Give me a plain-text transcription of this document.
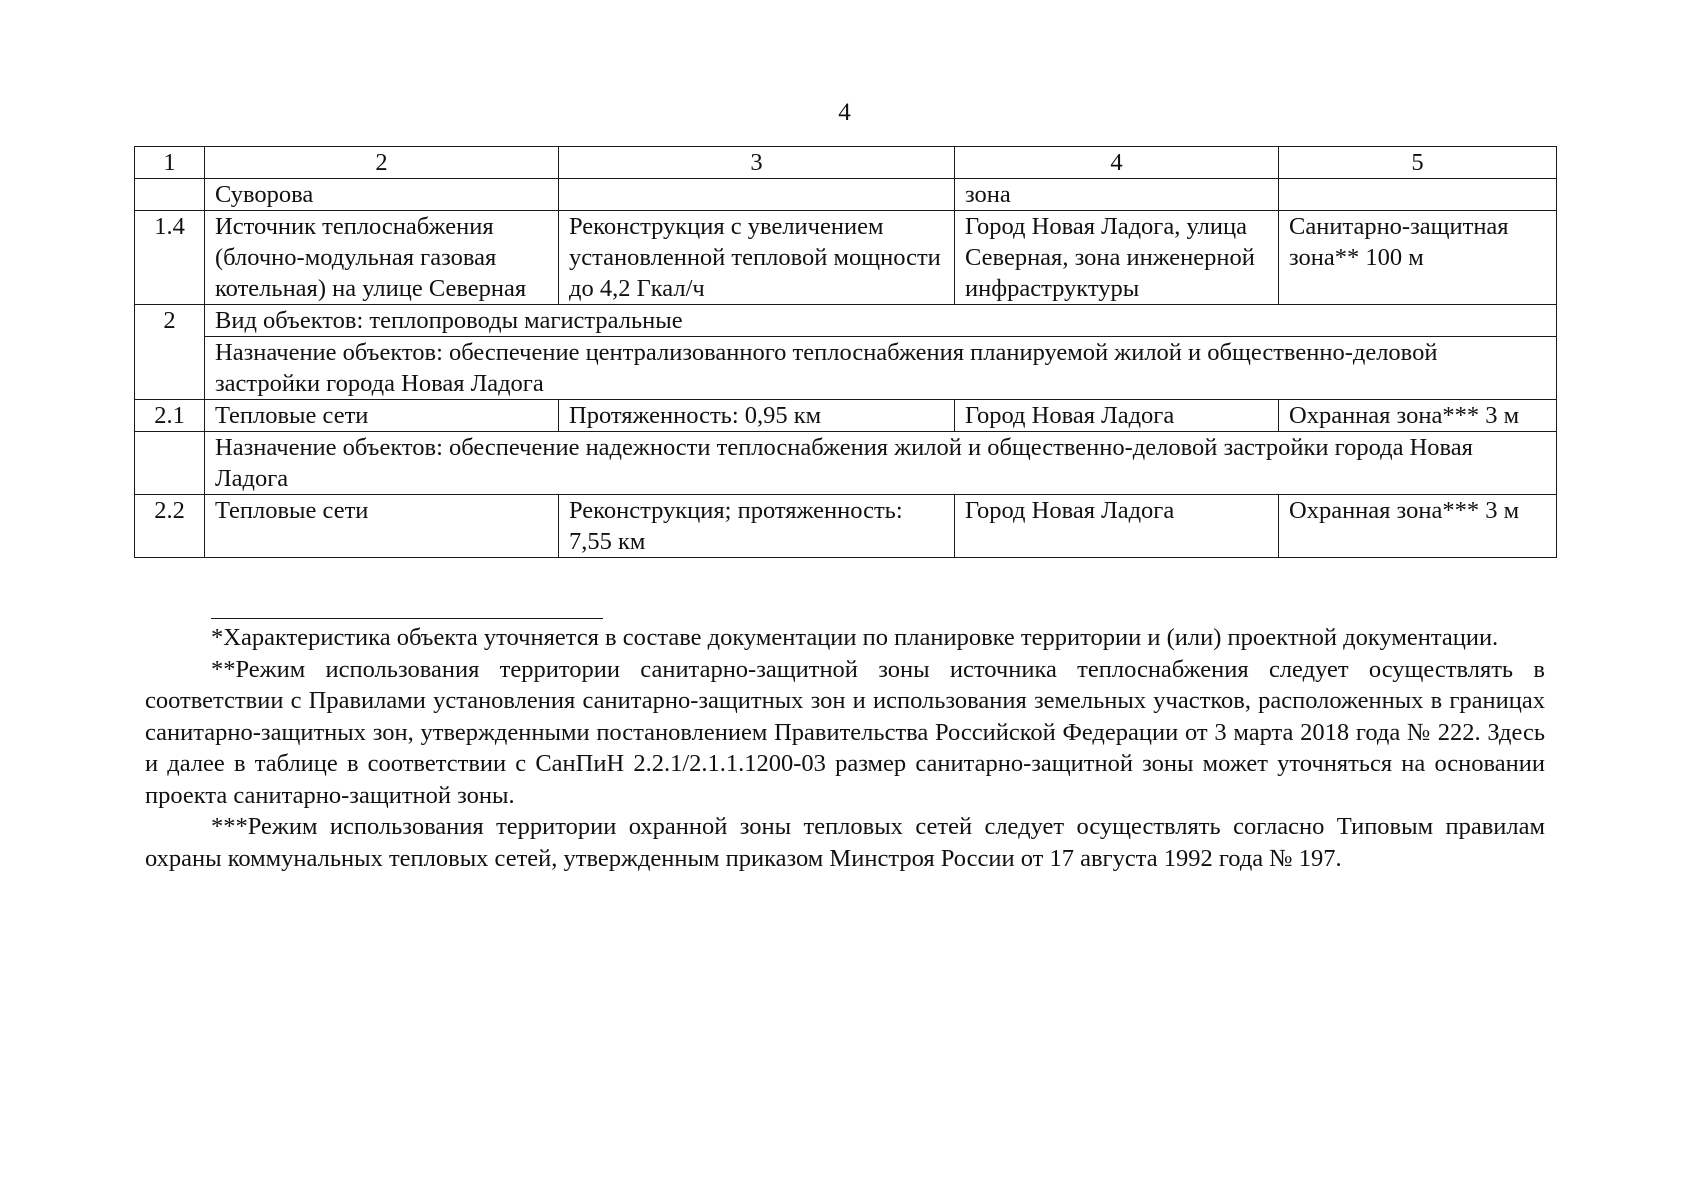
4
1	2	3	4	5
	Суворова		зона	
1.4	Источник теплоснабжения (блочно-модульная газовая котельная) на улице Северная	Реконструкция с увеличением установленной тепловой мощности до 4,2 Гкал/ч	Город Новая Ладога, улица Северная, зона инженерной инфраструктуры	Санитарно-защитная зона** 100 м
2	Вид объектов: теплопроводы магистральные			
	Назначение объектов: обеспечение централизованного теплоснабжения планируемой жилой и общественно-деловой застройки города Новая Ладога			
2.1	Тепловые сети	Протяженность: 0,95 км	Город Новая Ладога	Охранная зона*** 3 м
	Назначение объектов: обеспечение надежности теплоснабжения жилой и общественно-деловой застройки города Новая Ладога			
2.2	Тепловые сети	Реконструкция; протяженность: 7,55 км	Город Новая Ладога	Охранная зона*** 3 м

*Характеристика объекта уточняется в составе документации по планировке территории и (или) проектной документации.

**Режим использования территории санитарно-защитной зоны источника теплоснабжения следует осуществлять в соответствии с Правилами установления санитарно-защитных зон и использования земельных участков, расположенных в границах санитарно-защитных зон, утвержденными постановлением Правительства Российской Федерации от 3 марта 2018 года № 222. Здесь и далее в таблице в соответствии с СанПиН 2.2.1/2.1.1.1200-03 размер санитарно-защитной зоны может уточняться на основании проекта санитарно-защитной зоны.

***Режим использования территории охранной зоны тепловых сетей следует осуществлять согласно Типовым правилам охраны коммунальных тепловых сетей, утвержденным приказом Минстроя России от 17 августа 1992 года № 197.
